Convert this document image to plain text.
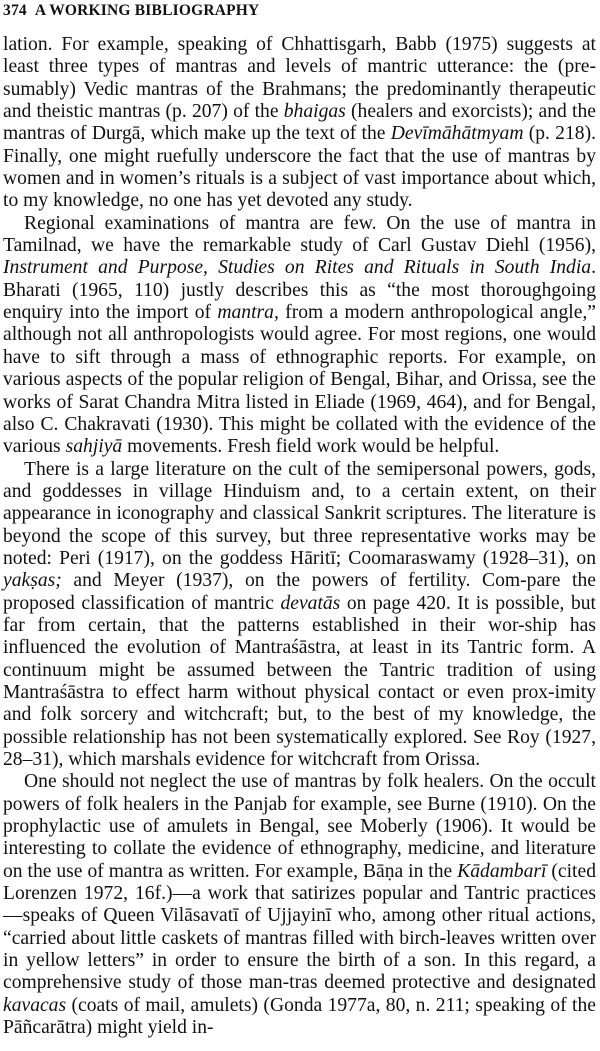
374 A WORKING BIBLIOGRAPHY

lation. For example, speaking of Chhattisgarh, Babb (1975) suggests at least three types of mantras and levels of mantric utterance: the (pre-sumably) Vedic mantras of the Brahmans; the predominantly therapeutic and theistic mantras (p. 207) of the bhaigas (healers and exorcists); and the mantras of Durgā, which make up the text of the Devīmāhātmyam (p. 218). Finally, one might ruefully underscore the fact that the use of mantras by women and in women’s rituals is a subject of vast importance about which, to my knowledge, no one has yet devoted any study.

Regional examinations of mantra are few. On the use of mantra in Tamilnad, we have the remarkable study of Carl Gustav Diehl (1956), Instrument and Purpose, Studies on Rites and Rituals in South India. Bharati (1965, 110) justly describes this as “the most thoroughgoing enquiry into the import of mantra, from a modern anthropological angle,” although not all anthropologists would agree. For most regions, one would have to sift through a mass of ethnographic reports. For example, on various aspects of the popular religion of Bengal, Bihar, and Orissa, see the works of Sarat Chandra Mitra listed in Eliade (1969, 464), and for Bengal, also C. Chakravati (1930). This might be collated with the evidence of the various sahjiyā movements. Fresh field work would be helpful.

There is a large literature on the cult of the semipersonal powers, gods, and goddesses in village Hinduism and, to a certain extent, on their appearance in iconography and classical Sankrit scriptures. The literature is beyond the scope of this survey, but three representative works may be noted: Peri (1917), on the goddess Hāritī; Coomaraswamy (1928–31), on yakṣas; and Meyer (1937), on the powers of fertility. Com-pare the proposed classification of mantric devatās on page 420. It is possible, but far from certain, that the patterns established in their wor-ship has influenced the evolution of Mantraśāstra, at least in its Tantric form. A continuum might be assumed between the Tantric tradition of using Mantraśāstra to effect harm without physical contact or even prox-imity and folk sorcery and witchcraft; but, to the best of my knowledge, the possible relationship has not been systematically explored. See Roy (1927, 28–31), which marshals evidence for witchcraft from Orissa.

One should not neglect the use of mantras by folk healers. On the occult powers of folk healers in the Panjab for example, see Burne (1910). On the prophylactic use of amulets in Bengal, see Moberly (1906). It would be interesting to collate the evidence of ethnography, medicine, and literature on the use of mantra as written. For example, Bāṇa in the Kādambarī (cited Lorenzen 1972, 16f.)—a work that satirizes popular and Tantric practices—speaks of Queen Vilāsavatī of Ujjayinī who, among other ritual actions, “carried about little caskets of mantras filled with birch-leaves written over in yellow letters” in order to ensure the birth of a son. In this regard, a comprehensive study of those man-tras deemed protective and designated kavacas (coats of mail, amulets) (Gonda 1977a, 80, n. 211; speaking of the Pāñcarātra) might yield in-
